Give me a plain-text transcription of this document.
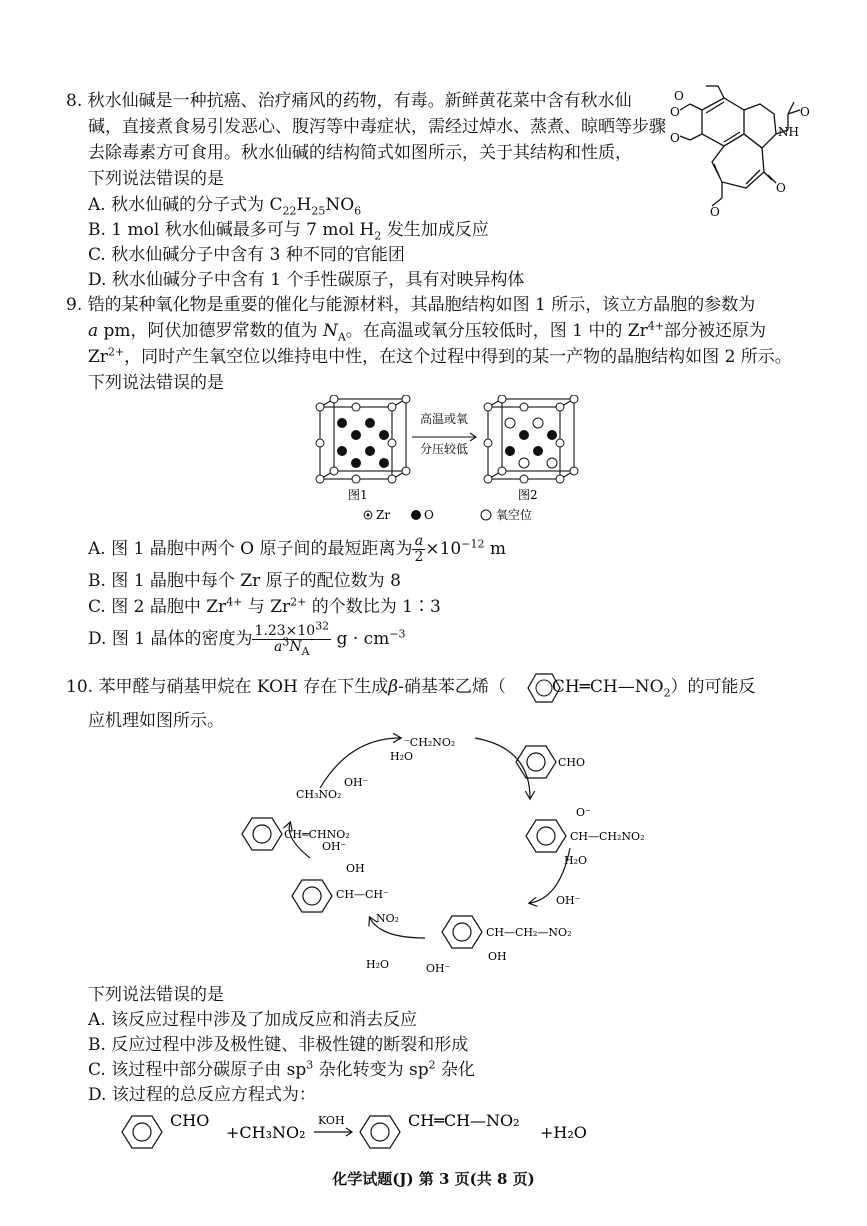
8. 秋水仙碱是一种抗癌、治疗痛风的药物，有毒。新鲜黄花菜中含有秋水仙
碱，直接煮食易引发恶心、腹泻等中毒症状，需经过焯水、蒸煮、晾晒等步骤
去除毒素方可食用。秋水仙碱的结构简式如图所示，关于其结构和性质，
下列说法错误的是
A. 秋水仙碱的分子式为 $C_{22}H_{25}NO_6$
B. 1 mol 秋水仙碱最多可与 7 mol $H_2$ 发生加成反应
C. 秋水仙碱分子中含有 3 种不同的官能团
D. 秋水仙碱分子中含有 1 个手性碳原子，具有对映异构体
O
O
O	NH
O
O
O
9. 锆的某种氧化物是重要的催化与能源材料，其晶胞结构如图 1 所示，该立方晶胞的参数为
a pm，阿伏加德罗常数的值为 $N_A$。在高温或氧分压较低时，图 1 中的 $Zr^{4+}$部分被还原为
$Zr^{2+}$，同时产生氧空位以维持电中性，在这个过程中得到的某一产物的晶胞结构如图 2 所示。
下列说法错误的是
高温或氧
分压较低
图1	图2
Zr	O	氧空位
A. 图 1 晶胞中两个 O 原子间的最短距离为 $\frac{a}{2} \times 10^{-12}$ m
B. 图 1 晶胞中每个 Zr 原子的配位数为 8
C. 图 2 晶胞中 $Zr^{4+}$ 与 $Zr^{2+}$ 的个数比为 1∶3
D. 图 1 晶体的密度为 $\frac{1.23\times 10^{32}}{a^3N_A}$ $g \cdot cm^{-3}$
10. 苯甲醛与硝基甲烷在 KOH 存在下生成β-硝基苯乙烯（	$CH═CH—NO_2$）的可能反
应机理如图所示。
⁻CH₂NO₂
H₂O
CH₃NO₂
OH⁻
CHO
O⁻
CH—CH₂NO₂
CH═CHNO₂
OH⁻
OH
CH—CH⁻
NO₂
H₂O
OH⁻
CH—CH₂—NO₂
OH
H₂O	OH⁻
下列说法错误的是
A. 该反应过程中涉及了加成反应和消去反应
B. 反应过程中涉及极性键、非极性键的断裂和形成
C. 该过程中部分碳原子由 $sp^3$ 杂化转变为 $sp^2$ 杂化
D. 该过程的总反应方程式为：
CHO
+CH₃NO₂
KOH	CH═CH—NO₂
+H₂O
化学试题(J) 第 3 页(共 8 页)
